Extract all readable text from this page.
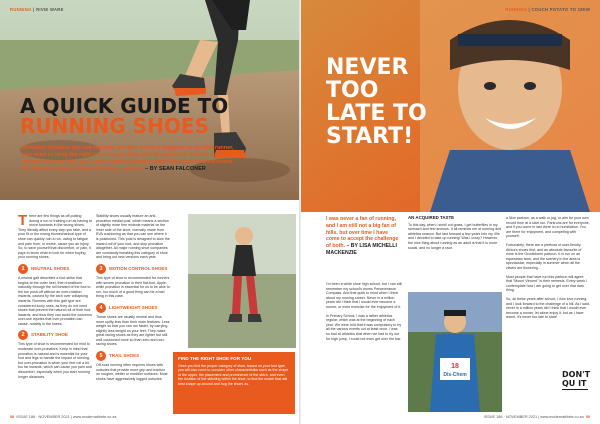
RUNNING | RIVIE WARE
A QUICK GUIDE TO
RUNNING SHOES
Whatever distance you are running, whether you're a beginner or an ultra runner, you need to strap the right ones to your feet, with the perfect fit and the correct support for your feet. So, if you're new to running shoes and need to understand the different types of shoes out there, read on! – BY SEAN FALCONER

There are few things as off-putting during a run or training run as having to move forwards in the wrong shoes. They literally affect every step you take, and a poor fit or the wrong biomechanical type of shoe can quickly ruin a run, owing to fatigue and pain from, or worse, cause you an injury. So, to save yourself that discomfort, or pain, it pays to know what to look for when buying your running shoes.

1	NEUTRAL SHOES

A neutral gait describes a foot strike that begins at the outer heel, then transitions naturally through the roll forward of the foot to the toe push-off without an over-rotation inwards, caused by the arch over collapsing inwards. Runners with this gait type are considered lucky ones, as they do not need shoes that prevent the natural roll of their foot inwards, and thus they can avoid the concerns over-use injuries that over-pronation can cause, notably in the knees.

2	STABILITY SHOE

This type of shoe is recommended for mild to moderate over-pronators. Keep in mind that pronation is natural and is essential for your foot and legs to handle the impact of running, but over-pronation is when your feet roll a bit too far inwards, which can cause you pain and discomfort, especially when you start running longer distances.

Stability shoes usually feature an anti-pronation medial post, which means a section of slightly more firm midsole material on the inner side of the shoe, normally made from EVA cushioning as that you can see where it is positioned. This post is designed to slow the inward roll of your foot, and stop pronation altogether. All major running shoe companies are constantly tweaking this category of shoe and bring out new versions each year.

3	MOTION CONTROL SHOES

This type of shoe is recommended for runners with severe pronation in their flat-foot, Apple, while pronation is essential for us to be able to run, too much of a good thing can be a bad thing in this case.

4	LIGHTWEIGHT SHOES

These shoes are usually neutral and thus more spiffy-less than their main features. Less weight so that you can run faster, by carrying slightly less weight on your feet. They make great racing shoes as they are lighter but still well cushioned more so than zero and non-racing shoes.

5	TRAIL SHOES

Off-road running often requires shoes with outsoles that provide more grip and traction on rougher, wetter or muddier surfaces. Most shoes have aggressively lugged outsoles.

FIND THE RIGHT SHOE FOR YOU
Once you find the proper category of shoe, based on your foot type, you will also need to consider other characteristics such as the shape of the upper, the placement and prominence of the stitch, and even the location of the stitching within the shoe, to find the model that will best shape up around and hug the shoes as.
58 ISSUE 186 · NOVEMBER 2021 | www.modernathlete.co.za
RUNNING | COUCH POTATO TO 18KM
NEVER
TOO
LATE TO
START!
I was never a fan of running, and I am still not a big fan of hills, but over time I have come to accept the challenge of both. – BY LISA MICHELLI MACKENZIE

I'm been a white shoe high school, but I can still remember my school's moms Perseverance Compass. And that quirk to mind when I think about my running career. Never in a million years did I think that I would ever become a runner, or even exercise for the enjoyment of it.

In Primary School, I was a rather athletics regular, which was at the beginning of each year. We were told that it was compulsory to try all the various events out at least once. I was so bad at athletics that when we had to try out for high jump, I could not even get over the bar.

AN ACQUIRED TASTE

To this day, when I smell cut grass, I get butterflies in my stomach and feel anxious. It all reminds me of running and athletics season. But fast forward a few years into my 40s and I decided to take up running! Was I crazy? However, the nice thing about running as an adult is that it is more social, and no longer a race.

a 5km parkrun, as a walk or jog, or aim for your own record time at a start run. Parkruns are for everyone, and if you come in last there is no humiliation. You are there for enjoyment, and competing with yourself.

Fortunately, there are a plethora of user-fiendly Africa's shoes first, and an absolute favourite of mine is the Grootbloem parkrun. It is run on an equestrian farm, and the scenery in the area is spectacular, especially in summer when all the clivers are flowering.

Most people that have run this parkrun will agree that "Mount Vincent" is their nemesis. Every week I contemplate how I am going to get over that darn thing.

So, all these years after school, I now love running, and I look forward to the challenge of a hill. As I said, never in a million years did I think that I would ever become a runner, let alone enjoy it, but as I have learnt, it's never too late to start!

18
Dis-Chem	DON'T
QU IT
ISSUE 186 · NOVEMBER 2021 | www.modernathlete.co.za 59
